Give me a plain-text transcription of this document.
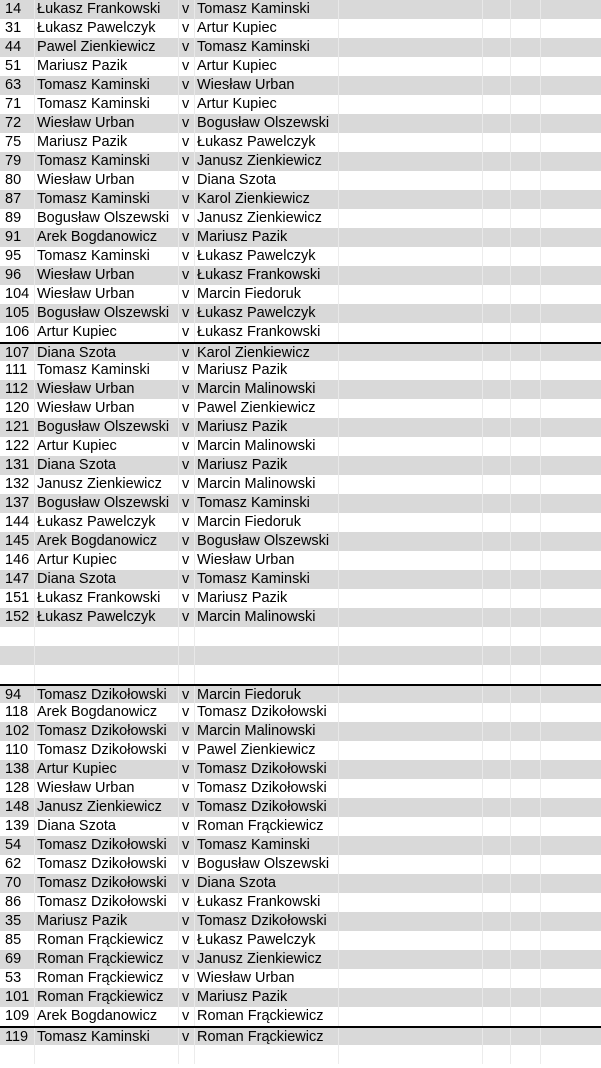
14	Łukasz Frankowski	v Tomasz Kaminski
31	Łukasz Pawelczyk	v Artur Kupiec
44	Pawel Zienkiewicz	v Tomasz Kaminski
51	Mariusz Pazik	v Artur Kupiec
63	Tomasz Kaminski	v Wiesław Urban
71	Tomasz Kaminski	v Artur Kupiec
72	Wiesław Urban	v Bogusław Olszewski
75	Mariusz Pazik	v Łukasz Pawelczyk
79	Tomasz Kaminski	v Janusz Zienkiewicz
80	Wiesław Urban	v Diana Szota
87	Tomasz Kaminski	v Karol Zienkiewicz
89	Bogusław Olszewski v Janusz Zienkiewicz
91	Arek Bogdanowicz	v Mariusz Pazik
95	Tomasz Kaminski	v Łukasz Pawelczyk
96	Wiesław Urban	v Łukasz Frankowski
104 Wiesław Urban	v Marcin Fiedoruk
105 Bogusław Olszewski v Łukasz Pawelczyk
106 Artur Kupiec	v Łukasz Frankowski
107 Diana Szota	v Karol Zienkiewicz
111 Tomasz Kaminski	v Mariusz Pazik
112 Wiesław Urban	v Marcin Malinowski
120 Wiesław Urban	v Pawel Zienkiewicz
121 Bogusław Olszewski v Mariusz Pazik
122 Artur Kupiec	v Marcin Malinowski
131 Diana Szota	v Mariusz Pazik
132 Janusz Zienkiewicz	v Marcin Malinowski
137 Bogusław Olszewski v Tomasz Kaminski
144 Łukasz Pawelczyk	v Marcin Fiedoruk
145 Arek Bogdanowicz	v Bogusław Olszewski
146 Artur Kupiec	v Wiesław Urban
147 Diana Szota	v Tomasz Kaminski
151 Łukasz Frankowski	v Mariusz Pazik
152 Łukasz Pawelczyk	v Marcin Malinowski
94	Tomasz Dzikołowski	v Marcin Fiedoruk
118 Arek Bogdanowicz	v Tomasz Dzikołowski
102 Tomasz Dzikołowski	v Marcin Malinowski
110 Tomasz Dzikołowski	v Pawel Zienkiewicz
138 Artur Kupiec	v Tomasz Dzikołowski
128 Wiesław Urban	v Tomasz Dzikołowski
148 Janusz Zienkiewicz	v Tomasz Dzikołowski
139 Diana Szota	v Roman Frąckiewicz
54	Tomasz Dzikołowski	v Tomasz Kaminski
62	Tomasz Dzikołowski	v Bogusław Olszewski
70	Tomasz Dzikołowski	v Diana Szota
86	Tomasz Dzikołowski	v Łukasz Frankowski
35	Mariusz Pazik	v Tomasz Dzikołowski
85	Roman Frąckiewicz	v Łukasz Pawelczyk
69	Roman Frąckiewicz	v Janusz Zienkiewicz
53	Roman Frąckiewicz	v Wiesław Urban
101 Roman Frąckiewicz	v Mariusz Pazik
109 Arek Bogdanowicz	v Roman Frąckiewicz
119 Tomasz Kaminski	v Roman Frąckiewicz
